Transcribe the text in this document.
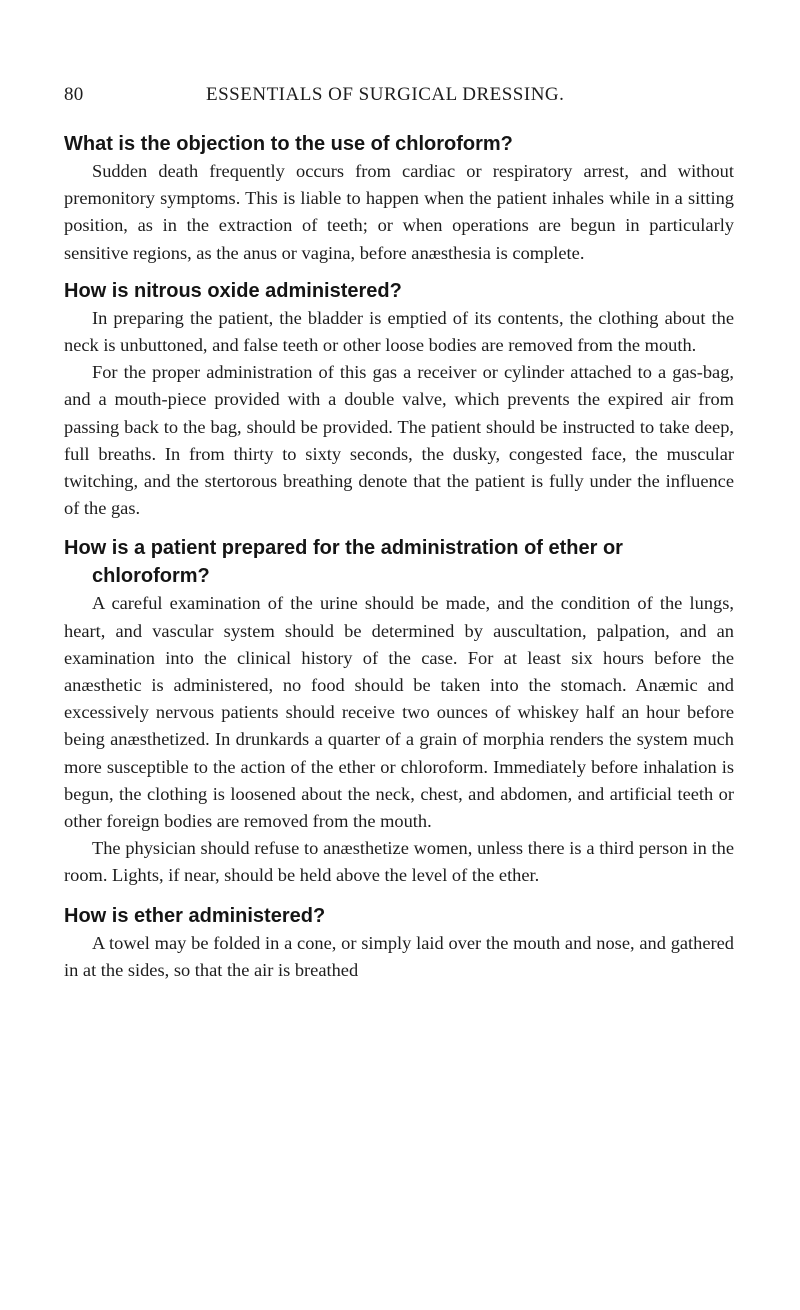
80	ESSENTIALS OF SURGICAL DRESSING.
What is the objection to the use of chloroform?

Sudden death frequently occurs from cardiac or respiratory arrest, and without premonitory symptoms. This is liable to happen when the patient inhales while in a sitting position, as in the extraction of teeth; or when operations are begun in particularly sensitive regions, as the anus or vagina, before anæsthesia is complete.

How is nitrous oxide administered?

In preparing the patient, the bladder is emptied of its contents, the clothing about the neck is unbuttoned, and false teeth or other loose bodies are removed from the mouth.

For the proper administration of this gas a receiver or cylinder attached to a gas-bag, and a mouth-piece provided with a double valve, which prevents the expired air from passing back to the bag, should be provided. The patient should be instructed to take deep, full breaths. In from thirty to sixty seconds, the dusky, congested face, the muscular twitching, and the stertorous breathing denote that the patient is fully under the influence of the gas.

How is a patient prepared for the administration of ether or chloroform?

A careful examination of the urine should be made, and the condition of the lungs, heart, and vascular system should be determined by auscultation, palpation, and an examination into the clinical history of the case. For at least six hours before the anæsthetic is administered, no food should be taken into the stomach. Anæmic and excessively nervous patients should receive two ounces of whiskey half an hour before being anæsthetized. In drunkards a quarter of a grain of morphia renders the system much more susceptible to the action of the ether or chloroform. Immediately before inhalation is begun, the clothing is loosened about the neck, chest, and abdomen, and artificial teeth or other foreign bodies are removed from the mouth.

The physician should refuse to anæsthetize women, unless there is a third person in the room. Lights, if near, should be held above the level of the ether.

How is ether administered?

A towel may be folded in a cone, or simply laid over the mouth and nose, and gathered in at the sides, so that the air is breathed
